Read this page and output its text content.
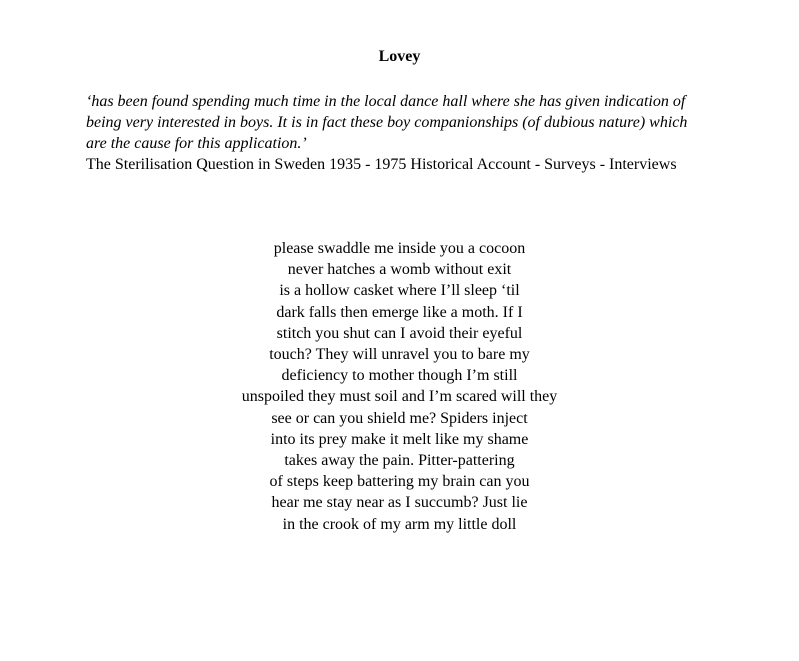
Lovey
‘has been found spending much time in the local dance hall where she has given indication of
being very interested in boys. It is in fact these boy companionships (of dubious nature) which
are the cause for this application.’
The Sterilisation Question in Sweden 1935 - 1975 Historical Account - Surveys - Interviews
please swaddle me inside you a cocoon
never hatches a womb without exit
is a hollow casket where I’ll sleep ‘til
dark falls then emerge like a moth. If I
stitch you shut can I avoid their eyeful
touch? They will unravel you to bare my
deficiency to mother though I’m still
unspoiled they must soil and I’m scared will they
see or can you shield me? Spiders inject
into its prey make it melt like my shame
takes away the pain. Pitter-pattering
of steps keep battering my brain can you
hear me stay near as I succumb? Just lie
in the crook of my arm my little doll
